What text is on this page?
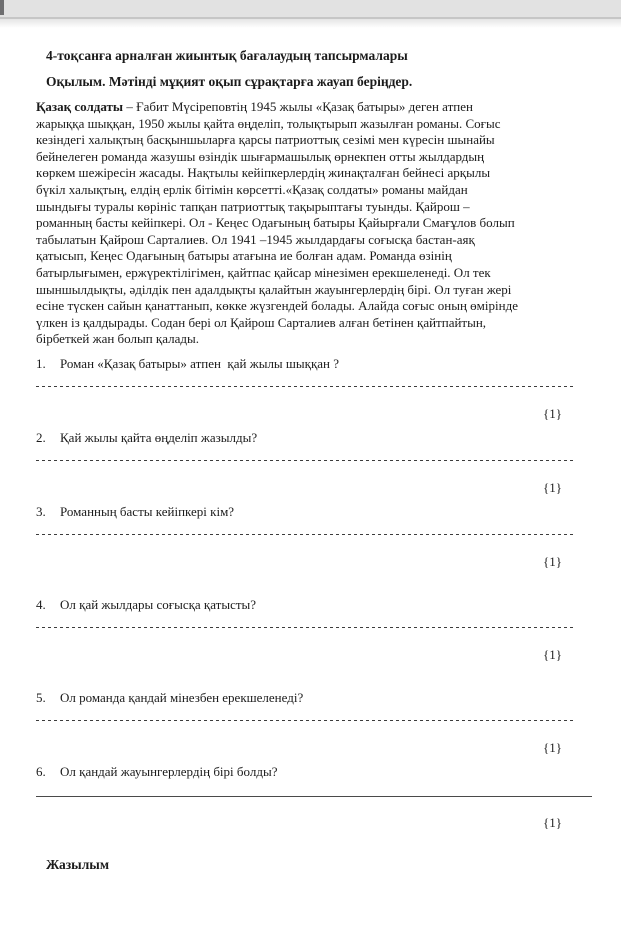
4-тоқсанға арналған жиынтық бағалаудың тапсырмалары
Оқылым. Мәтінді мұқият оқып сұрақтарға жауап беріңдер.
Қазақ солдаты – Ғабит Мүсіреповтің 1945 жылы «Қазақ батыры» деген атпен
жарыққа шыққан, 1950 жылы қайта өңделіп, толықтырып жазылған романы. Соғыс
кезіндегі халықтың басқыншыларға қарсы патриоттық сезімі мен күресін шынайы
бейнелеген романда жазушы өзіндік шығармашылық өрнекпен отты жылдардың
көркем шежіресін жасады. Нақтылы кейіпкерлердің жинақталған бейнесі арқылы
бүкіл халықтың, елдің ерлік бітімін көрсетті.«Қазақ солдаты» романы майдан
шындығы туралы көрініс тапқан патриоттық тақырыптағы туынды. Қайрош –
романның басты кейіпкері. Ол - Кеңес Одағының батыры Қайырғали Смағұлов болып
табылатын Қайрош Сарталиев. Ол 1941 –1945 жылдардағы соғысқа бастан-аяқ
қатысып, Кеңес Одағының батыры атағына ие болған адам. Романда өзінің
батырлығымен, ержүректілігімен, қайтпас қайсар мінезімен ерекшеленеді. Ол тек
шыншылдықты, әділдік пен адалдықты қалайтын жауынгерлердің бірі. Ол туған жері
есіне түскен сайын қанаттанып, көкке жүзгендей болады. Алайда соғыс оның өмірінде
үлкен із қалдырады. Содан бері ол Қайрош Сарталиев алған бетінен қайтпайтын,
бірбеткей жан болып қалады.
1.	Роман «Қазақ батыры» атпен  қай жылы шыққан ?
{1}
2.	Қай жылы қайта өңделіп жазылды?
{1}
3.	Романның басты кейіпкері кім?
{1}
4.	Ол қай жылдары соғысқа қатысты?
{1}
5.	Ол романда қандай мінезбен ерекшеленеді?
{1}
6.	Ол қандай жауынгерлердің бірі болды?
{1}
Жазылым
